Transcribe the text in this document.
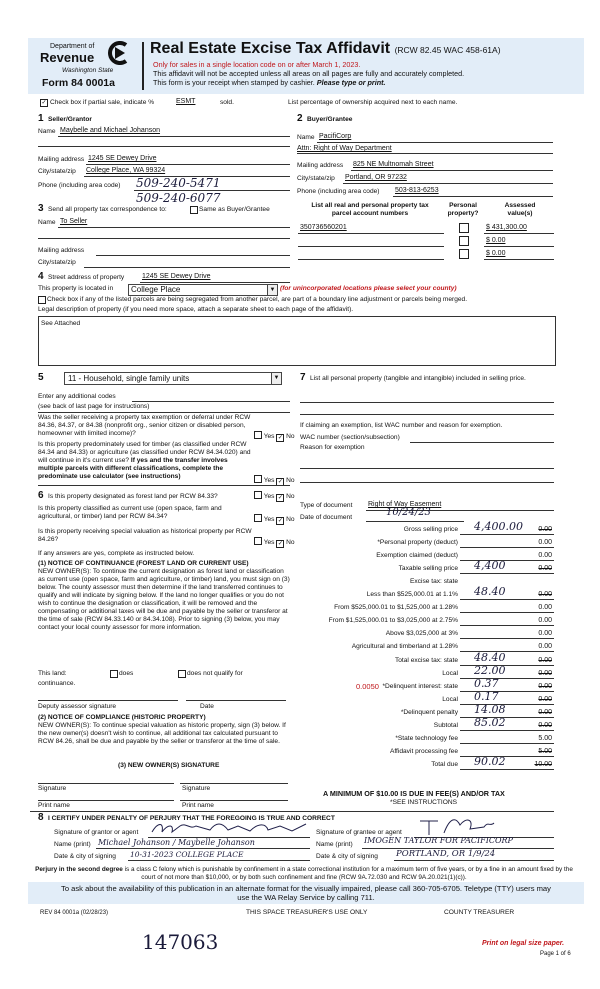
Department of
Revenue
Washington State
Form 84 0001a
Real Estate Excise Tax Affidavit (RCW 82.45 WAC 458-61A)
Only for sales in a single location code on or after March 1, 2023.
This affidavit will not be accepted unless all areas on all pages are fully and accurately completed.
This form is your receipt when stamped by cashier. Please type or print.
✓ Check box if partial sale, indicate %	ESMT	sold.	List percentage of ownership acquired next to each name.
1 Seller/Grantor
Name Maybelle and Michael Johanson
Mailing address 1245 SE Dewey Drive
City/state/zip College Place, WA 99324
Phone (including area code) 509-240-5471
509-240-6077
2 Buyer/Grantee
Name PacifiCorp
Attn: Right of Way Department
Mailing address 825 NE Multnomah Street
City/state/zip Portland, OR 97232
Phone (including area code) 503-813-6253
3 Send all property tax correspondence to:	Same as Buyer/Grantee
Name To Seller
Mailing address
City/state/zip
List all real and personal property tax
parcel account numbers
Personal
property?
Assessed
value(s)
350736560201	$ 431,300.00
$ 0.00
$ 0.00
4 Street address of property	1245 SE Dewey Drive
This property is located in College Place	▼ (for unincorporated locations please select your county)
Check box if any of the listed parcels are being segregated from another parcel, are part of a boundary line adjustment or parcels being merged.
Legal description of property (if you need more space, attach a separate sheet to each page of the affidavit).
See Attached
5	11 - Household, single family units	▼
Enter any additional codes
(see back of last page for instructions)
Was the seller receiving a property tax exemption or deferral under RCW 84.36, 84.37, or 84.38 (nonprofit org., senior citizen or disabled person, homeowner with limited income)?	Yes ✓ No
Is this property predominately used for timber (as classified under RCW 84.34 and 84.33) or agriculture (as classified under RCW 84.34.020) and will continue in it's current use? If yes and the transfer involves multiple parcels with different classifications, complete the predominate use calculator (see instructions)
Yes ✓ No
6 Is this property designated as forest land per RCW 84.33?	Yes ✓ No
Is this property classified as current use (open space, farm and agricultural, or timber) land per RCW 84.34?	Yes ✓ No
Is this property receiving special valuation as historical property per RCW 84.26?	Yes ✓ No
If any answers are yes, complete as instructed below.
(1) NOTICE OF CONTINUANCE (FOREST LAND OR CURRENT USE)
NEW OWNER(S): To continue the current designation as forest land or classification as current use (open space, farm and agriculture, or timber) land, you must sign on (3) below. The county assessor must then determine if the land transferred continues to qualify and will indicate by signing below. If the land no longer qualifies or you do not wish to continue the designation or classification, it will be removed and the compensating or additional taxes will be due and payable by the seller or transferor at the time of sale (RCW 84.33.140 or 84.34.108). Prior to signing (3) below, you may contact your local county assessor for more information.
This land:	does	does not qualify for
continuance.
Deputy assessor signature	Date
(2) NOTICE OF COMPLIANCE (HISTORIC PROPERTY)
NEW OWNER(S): To continue special valuation as historic property, sign (3) below. If the new owner(s) doesn't wish to continue, all additional tax calculated pursuant to RCW 84.26, shall be due and payable by the seller or transferor at the time of sale.
(3) NEW OWNER(S) SIGNATURE
Signature	Signature
Print name	Print name
7 List all personal property (tangible and intangible) included in selling price.
If claiming an exemption, list WAC number and reason for exemption.
WAC number (section/subsection)
Reason for exemption
Type of document Right of Way Easement
Date of document	10/24/23
Gross selling price 4,400.00 0.00
*Personal property (deduct)	0.00
Exemption claimed (deduct)	0.00
Taxable selling price 4,400	0.00
Excise tax: state
Less than $525,000.01 at 1.1% 48.40	0.00
From $525,000.01 to $1,525,000 at 1.28%	0.00
From $1,525,000.01 to $3,025,000 at 2.75%	0.00
Above $3,025,000 at 3%	0.00
Agricultural and timberland at 1.28%	0.00
Total excise tax: state 48.40	0.00
Local 22.00	0.00
*Delinquent interest: state 0.37	0.00
Local 0.17	0.00
*Delinquent penalty 14.08	0.00
Subtotal 85.02	0.00
*State technology fee	5.00
Affidavit processing fee	5.00
Total due 90.02	10.00
0.0050
A MINIMUM OF $10.00 IS DUE IN FEE(S) AND/OR TAX
*SEE INSTRUCTIONS
8 I CERTIFY UNDER PENALTY OF PERJURY THAT THE FOREGOING IS TRUE AND CORRECT
Signature of grantor or agent
Name (print) Michael Johanson / Maybelle Johanson
Date & city of signing 10-31-2023 COLLEGE PLACE
Signature of grantee or agent
Name (print) IMOGEN TAYLOR FOR PACIFICORP
Date & city of signing PORTLAND, OR 1/9/24
Perjury in the second degree is a class C felony which is punishable by confinement in a state correctional institution for a maximum term of five years, or by a fine in an amount fixed by the court of not more than $10,000, or by both such confinement and fine (RCW 9A.72.030 and RCW 9A.20.021(1)(c)).
To ask about the availability of this publication in an alternate format for the visually impaired, please call 360-705-6705. Teletype (TTY) users may use the WA Relay Service by calling 711.
REV 84 0001a (02/28/23)	THIS SPACE TREASURER'S USE ONLY	COUNTY TREASURER
147063	Print on legal size paper.
Page 1 of 6
